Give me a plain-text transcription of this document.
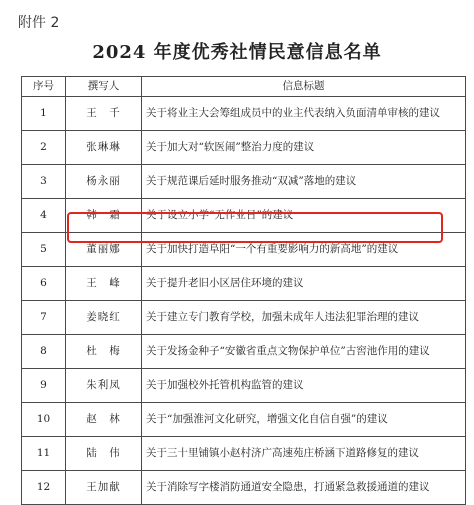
附件 2
2024 年度优秀社情民意信息名单
序号	撰写人	信息标题
1	王　千	关于将业主大会筹组成员中的业主代表纳入负面清单审核的建议
2	张琳琳	关于加大对“软医闹”整治力度的建议
3	杨永丽	关于规范课后延时服务推动“双减”落地的建议
4	韩　霜	关于设立小学“无作业日”的建议
5	董丽娜	关于加快打造阜阳“一个有重要影响力的新高地”的建议
6	王　峰	关于提升老旧小区居住环境的建议
7	姜晓红	关于建立专门教育学校，加强未成年人违法犯罪治理的建议
8	杜　梅	关于发扬金种子“安徽省重点文物保护单位”古窖池作用的建议
9	朱利凤	关于加强校外托管机构监管的建议
10	赵　林	关于“加强淮河文化研究，增强文化自信自强”的建议
11	陆　伟	关于三十里铺镇小赵村济广高速苑庄桥涵下道路修复的建议
12	王加献	关于消除写字楼消防通道安全隐患，打通紧急救援通道的建议
